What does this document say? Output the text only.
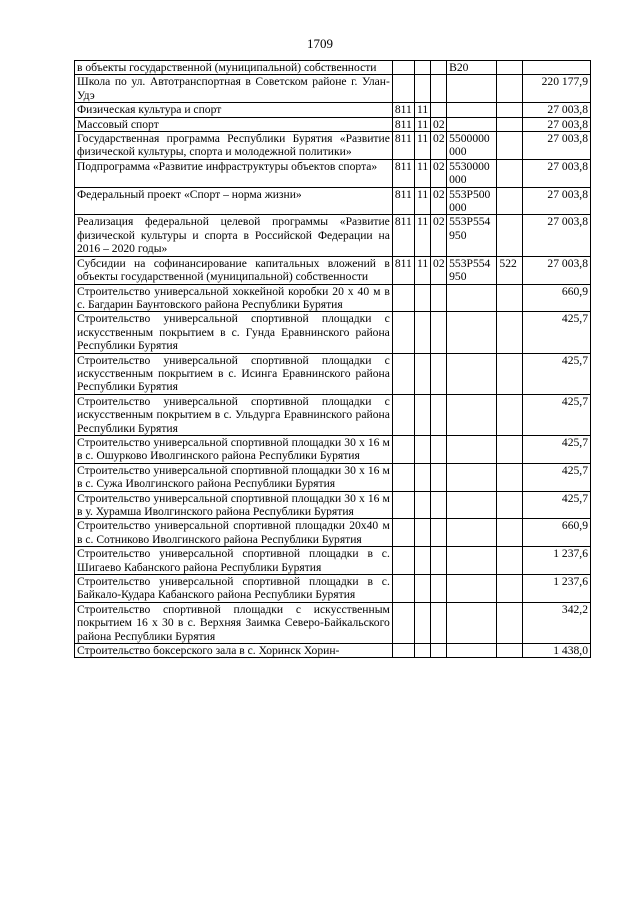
1709
в объекты государственной (муниципальной) собственности				B20		
Школа по ул. Автотранспортная в Советском районе г. Улан-Удэ						220 177,9
Физическая культура и спорт	811	11				27 003,8
Массовый спорт	811	11	02			27 003,8
Государственная программа Республики Бурятия «Развитие физической культуры, спорта и молодежной политики»	811	11	02	5500000 000		27 003,8
Подпрограмма «Развитие инфраструктуры объектов спорта»	811	11	02	5530000 000		27 003,8
Федеральный проект «Спорт – норма жизни»	811	11	02	553P500 000		27 003,8
Реализация федеральной целевой программы «Развитие физической культуры и спорта в Российской Федерации на 2016 – 2020 годы»	811	11	02	553P554 950		27 003,8
Субсидии на софинансирование капитальных вложений в объекты государственной (муниципальной) собственности	811	11	02	553P554 950	522	27 003,8
Строительство универсальной хоккейной коробки 20 х 40 м в с. Багдарин Баунтовского района Республики Бурятия						660,9
Строительство универсальной спортивной площадки с искусственным покрытием в с. Гунда Еравнинского района Республики Бурятия						425,7
Строительство универсальной спортивной площадки с искусственным покрытием в с. Исинга Еравнинского района Республики Бурятия						425,7
Строительство универсальной спортивной площадки с искусственным покрытием в с. Ульдурга Еравнинского района Республики Бурятия						425,7
Строительство универсальной спортивной площадки 30 х 16 м в с. Ошурково Иволгинского района Республики Бурятия						425,7
Строительство универсальной спортивной площадки 30 х 16 м в с. Сужа Иволгинского района Республики Бурятия						425,7
Строительство универсальной спортивной площадки 30 х 16 м в у. Хурамша Иволгинского района Республики Бурятия						425,7
Строительство универсальной спортивной площадки 20х40 м в с. Сотниково Иволгинского района Республики Бурятия						660,9
Строительство универсальной спортивной площадки в с. Шигаево Кабанского района Республики Бурятия						1 237,6
Строительство универсальной спортивной площадки в с. Байкало-Кудара Кабанского района Республики Бурятия						1 237,6
Строительство спортивной площадки с искусственным покрытием 16 х 30 в с. Верхняя Заимка Северо-Байкальского района Республики Бурятия						342,2
Строительство боксерского зала в с. Хоринск Хорин-						1 438,0
